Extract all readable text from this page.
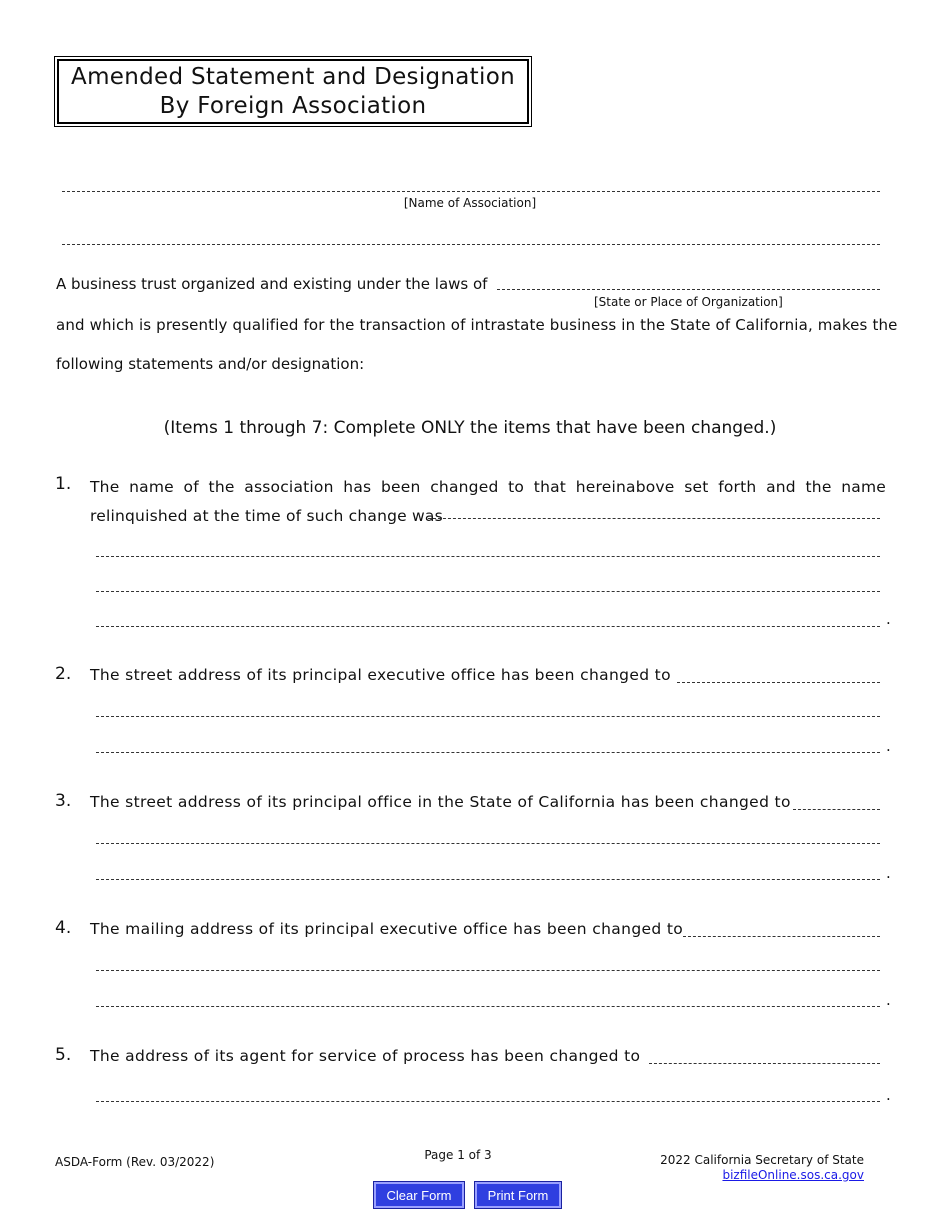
Amended Statement and Designation
By Foreign Association
[Name of Association]
A business trust organized and existing under the laws of
[State or Place of Organization]
and which is presently qualified for the transaction of intrastate business in the State of California, makes the
following statements and/or designation:
(Items 1 through 7: Complete ONLY the items that have been changed.)
1. The name of the association has been changed to that hereinabove set forth and the name relinquished at the time of such change was
.
2. The street address of its principal executive office has been changed to
.
3. The street address of its principal office in the State of California has been changed to
.
4. The mailing address of its principal executive office has been changed to
.
5. The address of its agent for service of process has been changed to
.
ASDA-Form (Rev. 03/2022)	Page 1 of 3	2022 California Secretary of State
bizfileOnline.sos.ca.gov
Clear Form	Print Form
